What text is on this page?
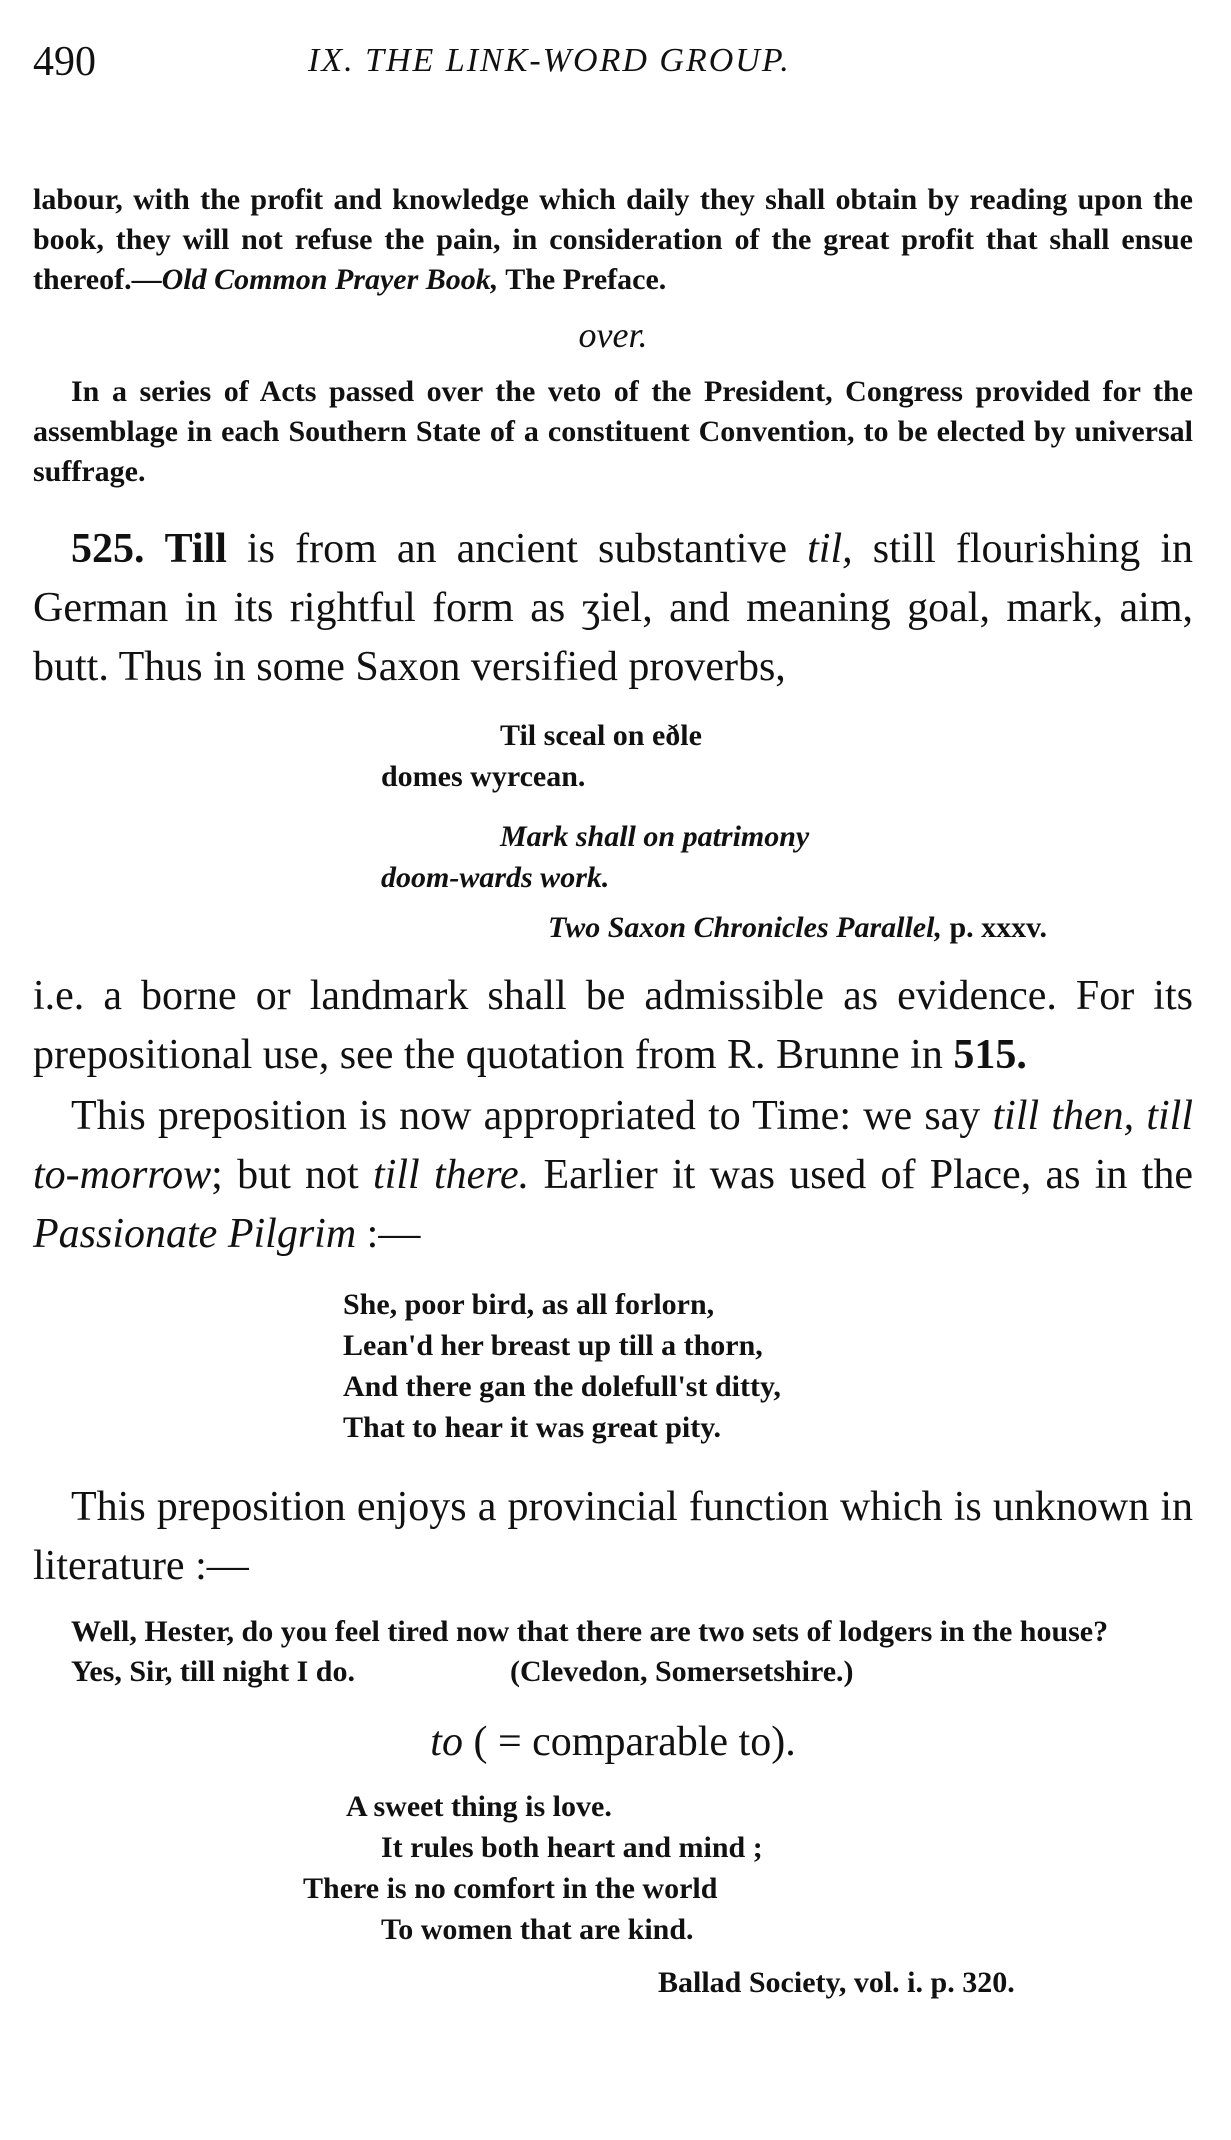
490	IX. THE LINK-WORD GROUP.
labour, with the profit and knowledge which daily they shall obtain by reading upon the book, they will not refuse the pain, in consideration of the great profit that shall ensue thereof.—Old Common Prayer Book, The Preface.
over.
In a series of Acts passed over the veto of the President, Congress provided for the assemblage in each Southern State of a constituent Convention, to be elected by universal suffrage.
525. Till is from an ancient substantive til, still flourishing in German in its rightful form as ʒiel, and meaning goal, mark, aim, butt. Thus in some Saxon versified proverbs,
Til sceal on eðle
domes wyrcean.
Mark shall on patrimony
doom-wards work.
Two Saxon Chronicles Parallel, p. xxxv.
i.e. a borne or landmark shall be admissible as evidence. For its prepositional use, see the quotation from R. Brunne in 515.
This preposition is now appropriated to Time: we say till then, till to-morrow; but not till there. Earlier it was used of Place, as in the Passionate Pilgrim :—
She, poor bird, as all forlorn,
Lean'd her breast up till a thorn,
And there gan the dolefull'st ditty,
That to hear it was great pity.
This preposition enjoys a provincial function which is unknown in literature :—
Well, Hester, do you feel tired now that there are two sets of lodgers in the house?
Yes, Sir, till night I do.	(Clevedon, Somersetshire.)
to ( = comparable to).
A sweet thing is love.
It rules both heart and mind ;
There is no comfort in the world
To women that are kind.
Ballad Society, vol. i. p. 320.
